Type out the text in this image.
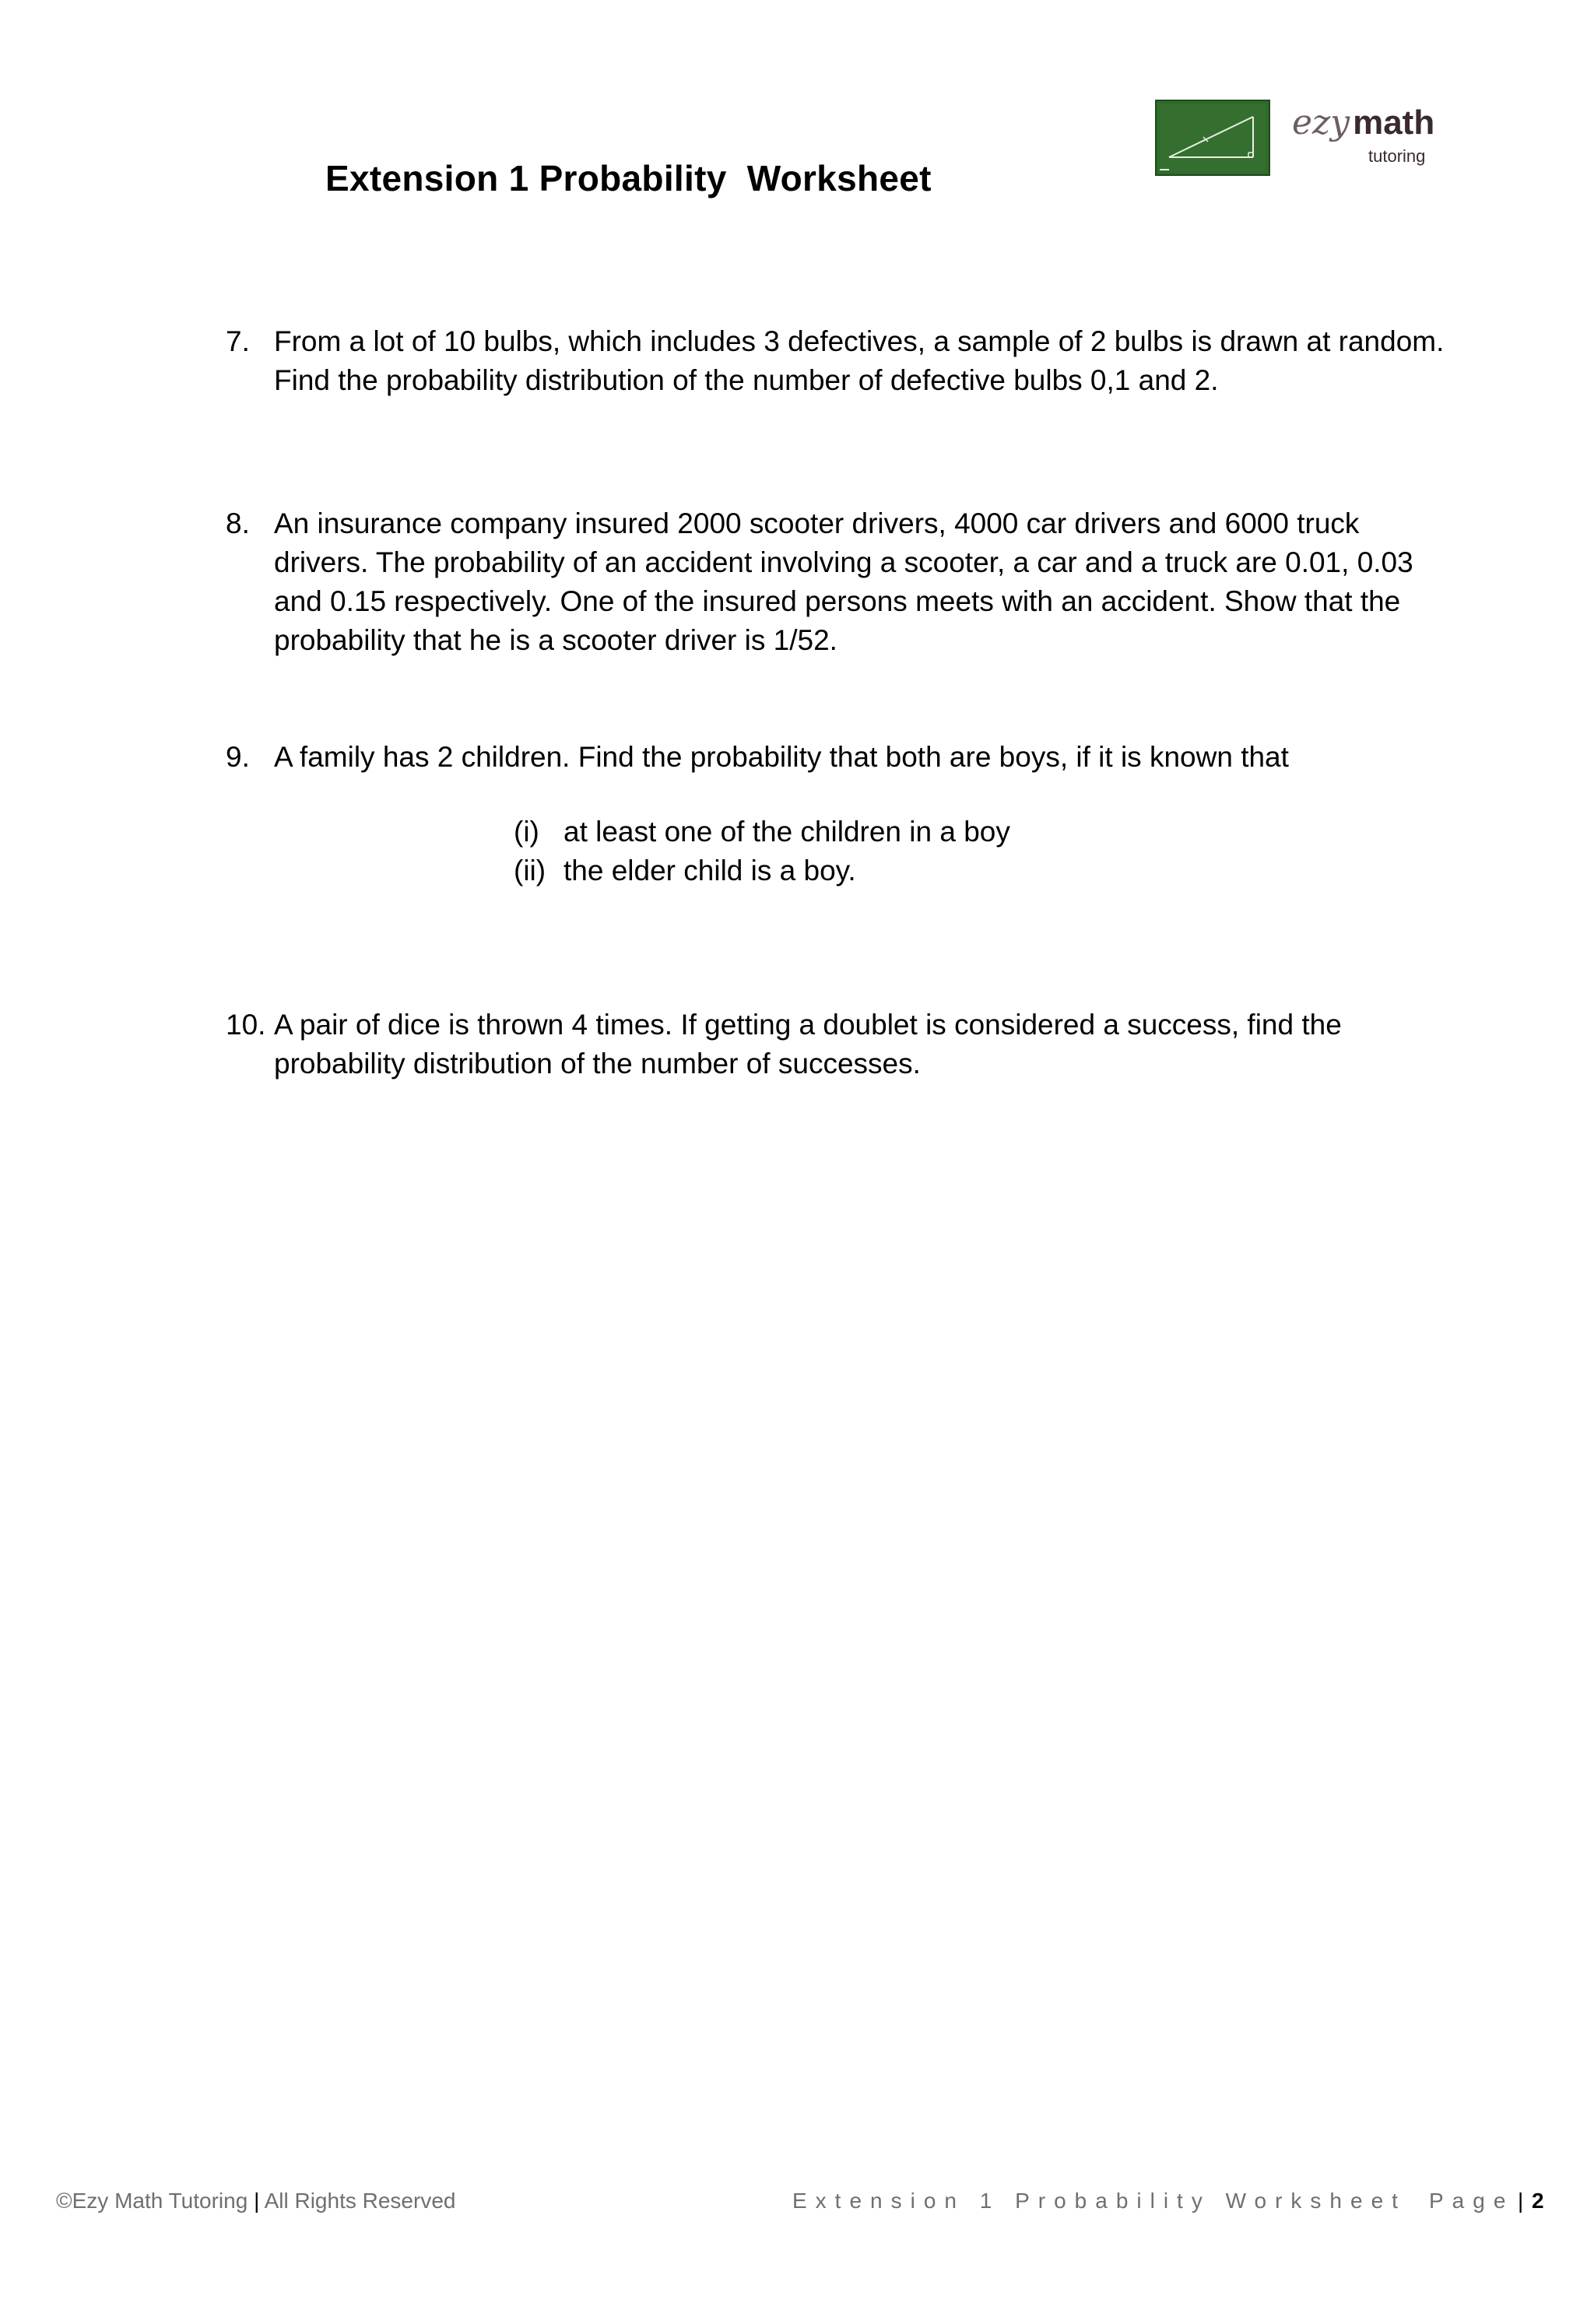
Extension 1 Probability  Worksheet
ezymath
tutoring
7. From a lot of 10 bulbs, which includes 3 defectives, a sample of 2 bulbs is drawn at random. Find the probability distribution of the number of defective bulbs 0,1 and 2.
8. An insurance company insured 2000 scooter drivers, 4000 car drivers and 6000 truck drivers. The probability of an accident involving a scooter, a car and a truck are 0.01, 0.03 and 0.15 respectively. One of the insured persons meets with an accident. Show that the probability that he is a scooter driver is 1/52.
9. A family has 2 children. Find the probability that both are boys, if it is known that
(i) at least one of the children in a boy
(ii) the elder child is a boy.
10. A pair of dice is thrown 4 times. If getting a doublet is considered a success, find the probability distribution of the number of successes.
©Ezy Math Tutoring | All Rights Reserved	Extension 1 Probability Worksheet Page | 2
